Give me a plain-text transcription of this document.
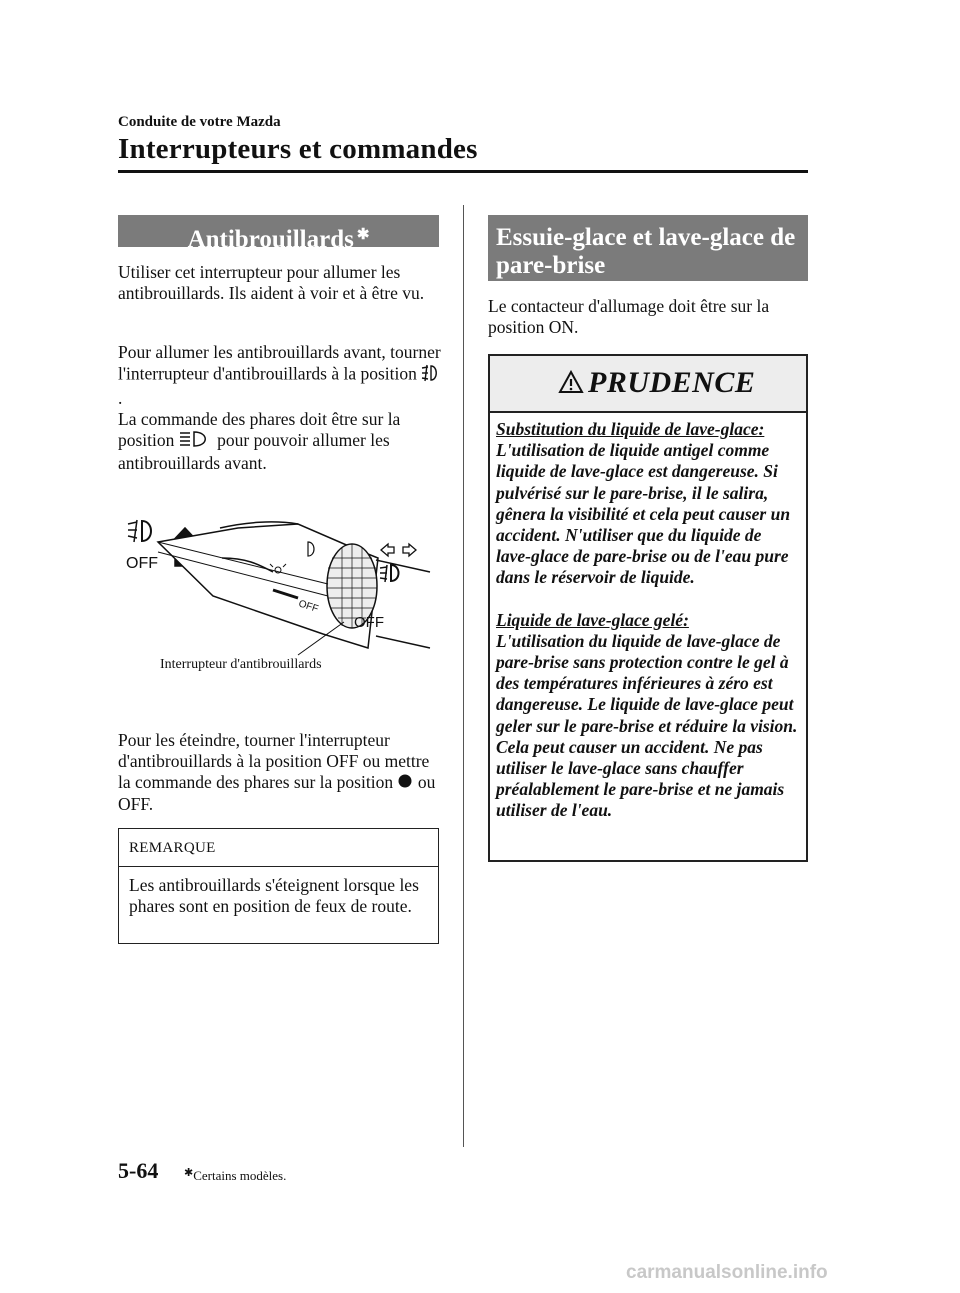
Conduite de votre Mazda
Interrupteurs et commandes
Antibrouillards ✱
Utiliser cet interrupteur pour allumer les antibrouillards. Ils aident à voir et à être vu.
Pour allumer les antibrouillards avant, tourner l'interrupteur d'antibrouillards à la position  .
La commande des phares doit être sur la position pour pouvoir allumer les antibrouillards avant.
OFF
OFF
OFF
Interrupteur d'antibrouillards
Pour les éteindre, tourner l'interrupteur d'antibrouillards à la position OFF ou mettre la commande des phares sur la position ou OFF.
REMARQUE
Les antibrouillards s'éteignent lorsque les phares sont en position de feux de route.
Essuie-glace et lave-glace de pare-brise
Le contacteur d'allumage doit être sur la position ON.
PRUDENCE
Substitution du liquide de lave-glace:
L'utilisation de liquide antigel comme liquide de lave-glace est dangereuse. Si pulvérisé sur le pare-brise, il le salira, gênera la visibilité et cela peut causer un accident. N'utiliser que du liquide de lave-glace de pare-brise ou de l'eau pure dans le réservoir de liquide.
Liquide de lave-glace gelé:
L'utilisation du liquide de lave-glace de pare-brise sans protection contre le gel à des températures inférieures à zéro est dangereuse. Le liquide de lave-glace peut geler sur le pare-brise et réduire la vision. Cela peut causer un accident. Ne pas utiliser le lave-glace sans chauffer préalablement le pare-brise et ne jamais utiliser de l'eau.
5-64 ✱Certains modèles.
carmanualsonline.info
